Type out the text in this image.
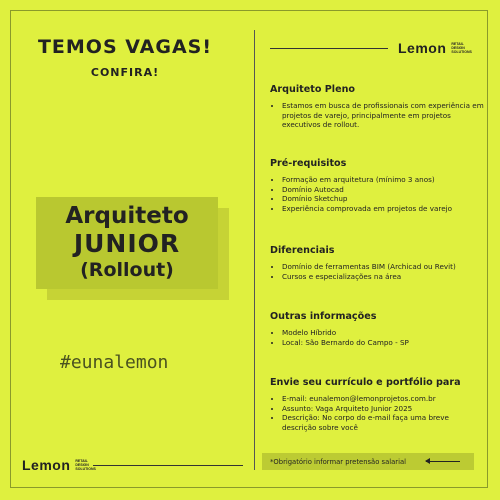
TEMOS VAGAS!
CONFIRA!
Arquiteto
JUNIOR
(Rollout)
#eunalemon
Lemon RETAIL DESIGN SOLUTIONS
Lemon RETAIL DESIGN SOLUTIONS
Arquiteto Pleno
• Estamos em busca de profissionais com experiência em projetos de varejo, principalmente em projetos executivos de rollout.
Pré-requisitos
• Formação em arquitetura (mínimo 3 anos)
• Domínio Autocad
• Domínio Sketchup
• Experiência comprovada em projetos de varejo
Diferenciais
• Domínio de ferramentas BIM (Archicad ou Revit)
• Cursos e especializações na área
Outras informações
• Modelo Híbrido
• Local: São Bernardo do Campo - SP
Envie seu currículo e portfólio para
• E-mail: eunalemon@lemonprojetos.com.br
• Assunto: Vaga Arquiteto Junior 2025
• Descrição: No corpo do e-mail faça uma breve descrição sobre você
*Obrigatório informar pretensão salarial
